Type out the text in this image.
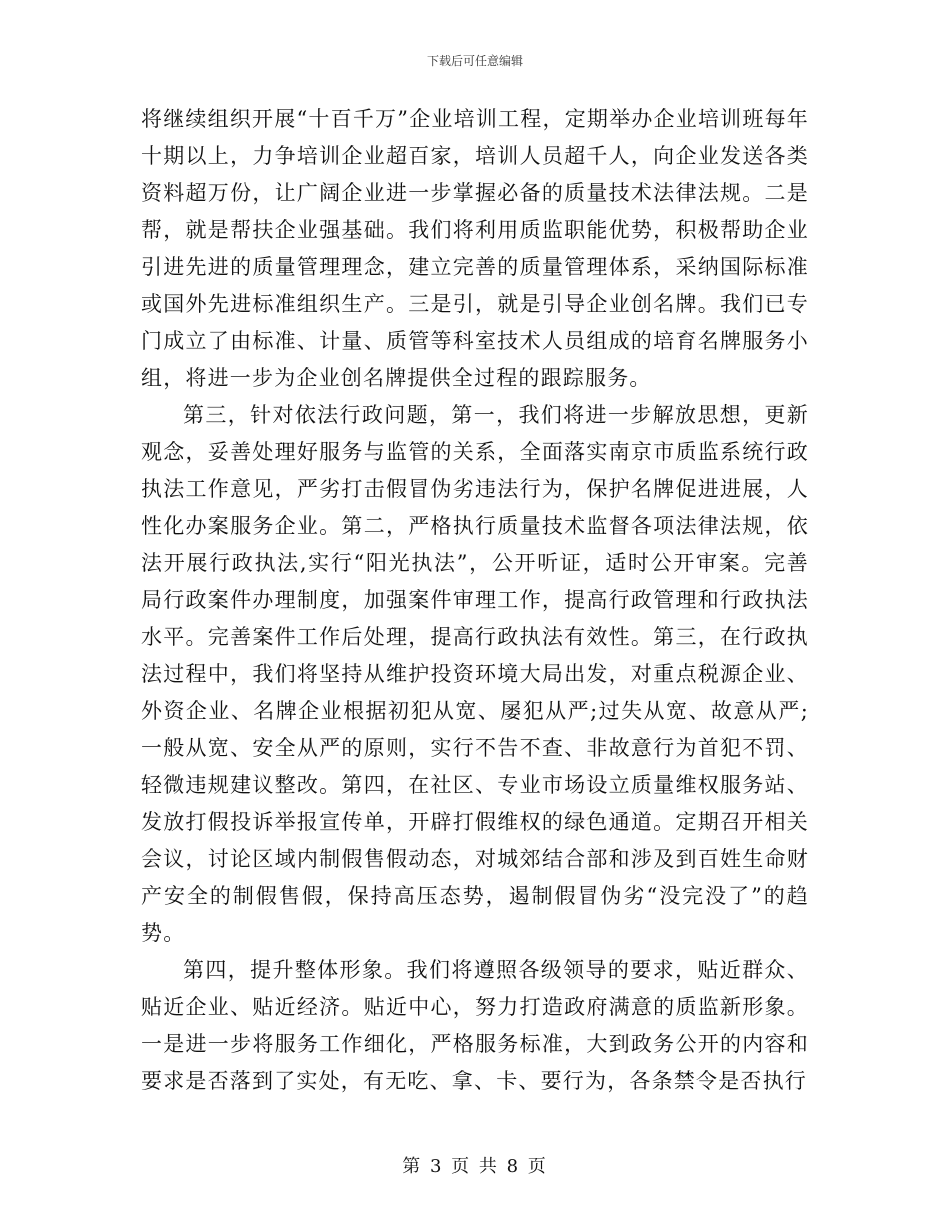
下载后可任意编辑

将继续组织开展“十百千万”企业培训工程，定期举办企业培训班每年十期以上，力争培训企业超百家，培训人员超千人，向企业发送各类资料超万份，让广阔企业进一步掌握必备的质量技术法律法规。二是帮，就是帮扶企业强基础。我们将利用质监职能优势，积极帮助企业引进先进的质量管理理念，建立完善的质量管理体系，采纳国际标准或国外先进标准组织生产。三是引，就是引导企业创名牌。我们已专门成立了由标准、计量、质管等科室技术人员组成的培育名牌服务小组，将进一步为企业创名牌提供全过程的跟踪服务。

第三，针对依法行政问题，第一，我们将进一步解放思想，更新观念，妥善处理好服务与监管的关系，全面落实南京市质监系统行政执法工作意见，严劣打击假冒伪劣违法行为，保护名牌促进进展，人性化办案服务企业。第二，严格执行质量技术监督各项法律法规，依法开展行政执法,实行“阳光执法”，公开听证，适时公开审案。完善局行政案件办理制度，加强案件审理工作，提高行政管理和行政执法水平。完善案件工作后处理，提高行政执法有效性。第三，在行政执法过程中，我们将坚持从维护投资环境大局出发，对重点税源企业、外资企业、名牌企业根据初犯从宽、屡犯从严;过失从宽、故意从严;一般从宽、安全从严的原则，实行不告不查、非故意行为首犯不罚、轻微违规建议整改。第四，在社区、专业市场设立质量维权服务站、发放打假投诉举报宣传单，开辟打假维权的绿色通道。定期召开相关会议，讨论区域内制假售假动态，对城郊结合部和涉及到百姓生命财产安全的制假售假，保持高压态势，遏制假冒伪劣“没完没了”的趋势。

第四，提升整体形象。我们将遵照各级领导的要求，贴近群众、贴近企业、贴近经济。贴近中心，努力打造政府满意的质监新形象。一是进一步将服务工作细化，严格服务标准，大到政务公开的内容和要求是否落到了实处，有无吃、拿、卡、要行为，各条禁令是否执行

第 3 页 共 8 页
